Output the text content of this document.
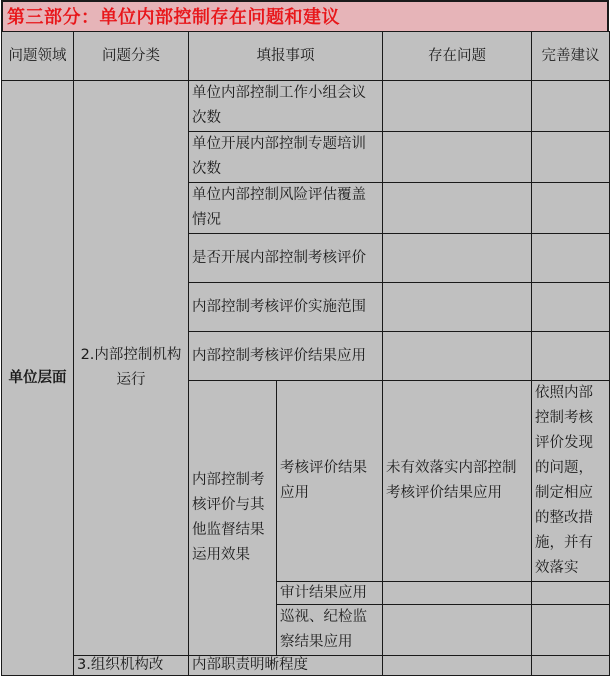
第三部分：单位内部控制存在问题和建议
问题领域	问题分类	填报事项		存在问题	完善建议
单位层面	2.内部控制机构运行	单位内部控制工作小组会议次数			
		单位开展内部控制专题培训次数			
		单位内部控制风险评估覆盖情况			
		是否开展内部控制考核评价			
		内部控制考核评价实施范围			
		内部控制考核评价结果应用			
		内部控制考核评价与其他监督结果运用效果	考核评价结果应用	未有效落实内部控制考核评价结果应用	依照内部控制考核评价发现的问题，制定相应的整改措施，并有效落实
			审计结果应用		
			巡视、纪检监察结果应用		
	3.组织机构改	内部职责明晰程度			
